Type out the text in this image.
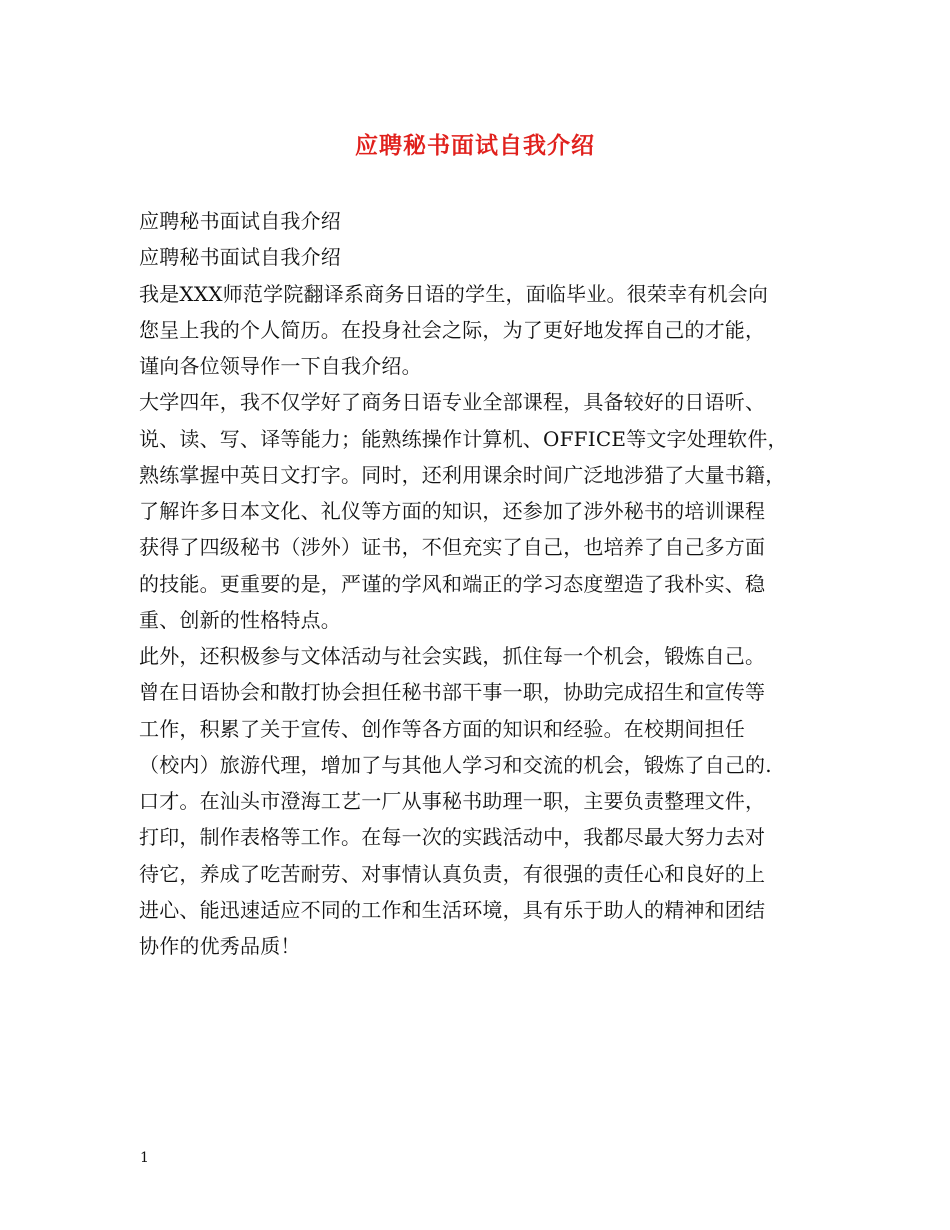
应聘秘书面试自我介绍
应聘秘书面试自我介绍
应聘秘书面试自我介绍
我是XXX师范学院翻译系商务日语的学生，面临毕业。很荣幸有机会向
您呈上我的个人简历。在投身社会之际，为了更好地发挥自己的才能，
谨向各位领导作一下自我介绍。
大学四年，我不仅学好了商务日语专业全部课程，具备较好的日语听、
说、读、写、译等能力；能熟练操作计算机、OFFICE等文字处理软件，
熟练掌握中英日文打字。同时，还利用课余时间广泛地涉猎了大量书籍，
了解许多日本文化、礼仪等方面的知识，还参加了涉外秘书的培训课程
获得了四级秘书（涉外）证书，不但充实了自己，也培养了自己多方面
的技能。更重要的是，严谨的学风和端正的学习态度塑造了我朴实、稳
重、创新的性格特点。
此外，还积极参与文体活动与社会实践，抓住每一个机会，锻炼自己。
曾在日语协会和散打协会担任秘书部干事一职，协助完成招生和宣传等
工作，积累了关于宣传、创作等各方面的知识和经验。在校期间担任
（校内）旅游代理，增加了与其他人学习和交流的机会，锻炼了自己的.
口才。在汕头市澄海工艺一厂从事秘书助理一职，主要负责整理文件，
打印，制作表格等工作。在每一次的实践活动中，我都尽最大努力去对
待它，养成了吃苦耐劳、对事情认真负责，有很强的责任心和良好的上
进心、能迅速适应不同的工作和生活环境，具有乐于助人的精神和团结
协作的优秀品质！
1
